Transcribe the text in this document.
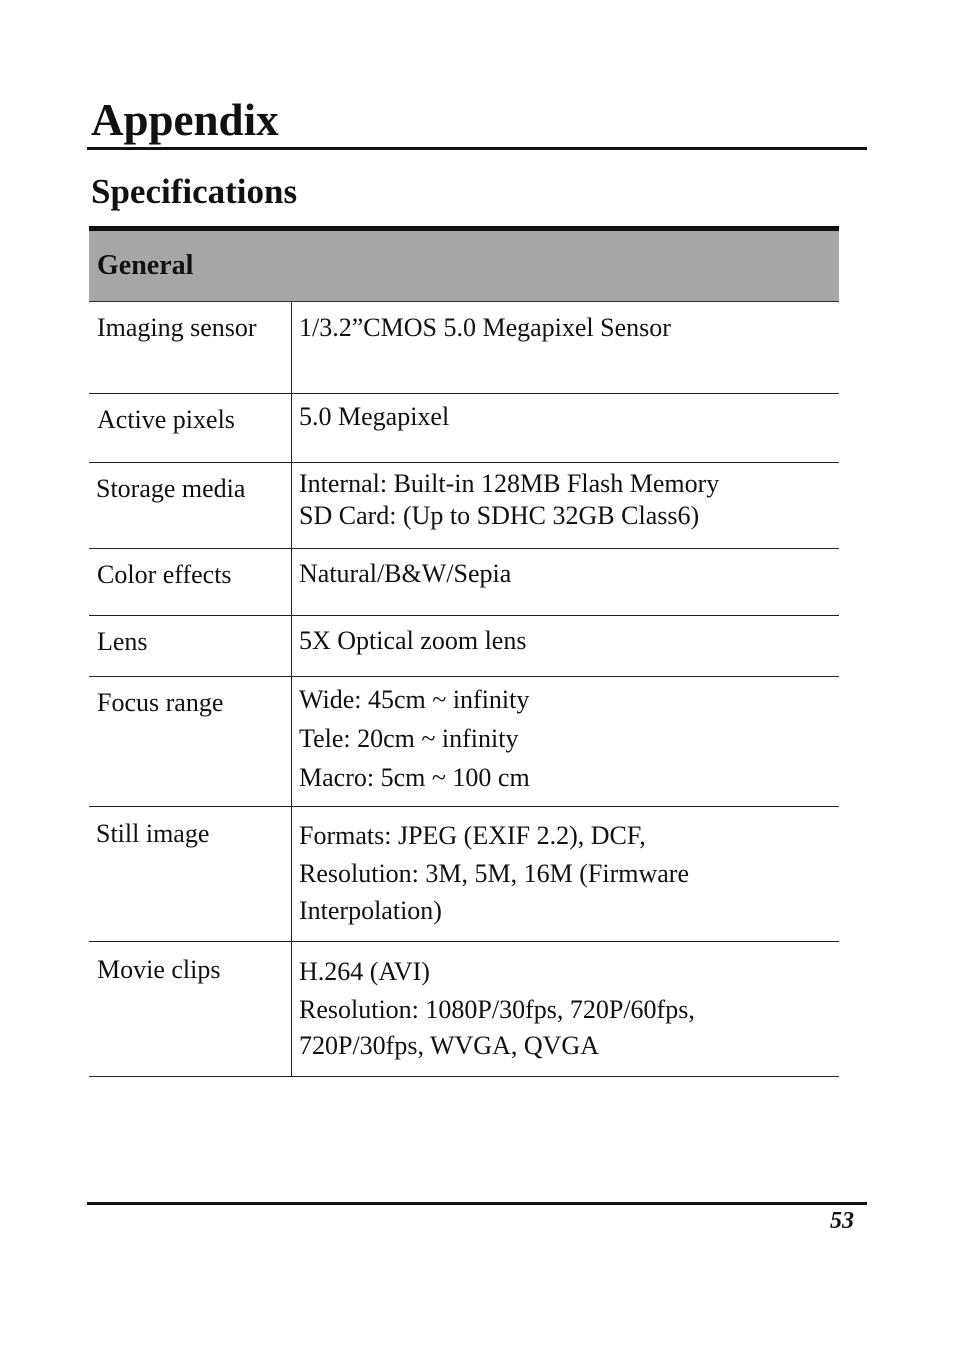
Appendix
Specifications
General
Imaging sensor	1/3.2”CMOS 5.0 Megapixel Sensor
Active pixels	5.0 Megapixel
Storage media	Internal: Built-in 128MB Flash Memory
SD Card: (Up to SDHC 32GB Class6)
Color effects	Natural/B&W/Sepia
Lens	5X Optical zoom lens
Focus range	Wide: 45cm ~ infinity
Tele: 20cm ~ infinity
Macro: 5cm ~ 100 cm
Still image	Formats: JPEG (EXIF 2.2), DCF,
Resolution: 3M, 5M, 16M (Firmware
Interpolation)
Movie clips	H.264 (AVI)
Resolution: 1080P/30fps, 720P/60fps,
720P/30fps, WVGA, QVGA
53
